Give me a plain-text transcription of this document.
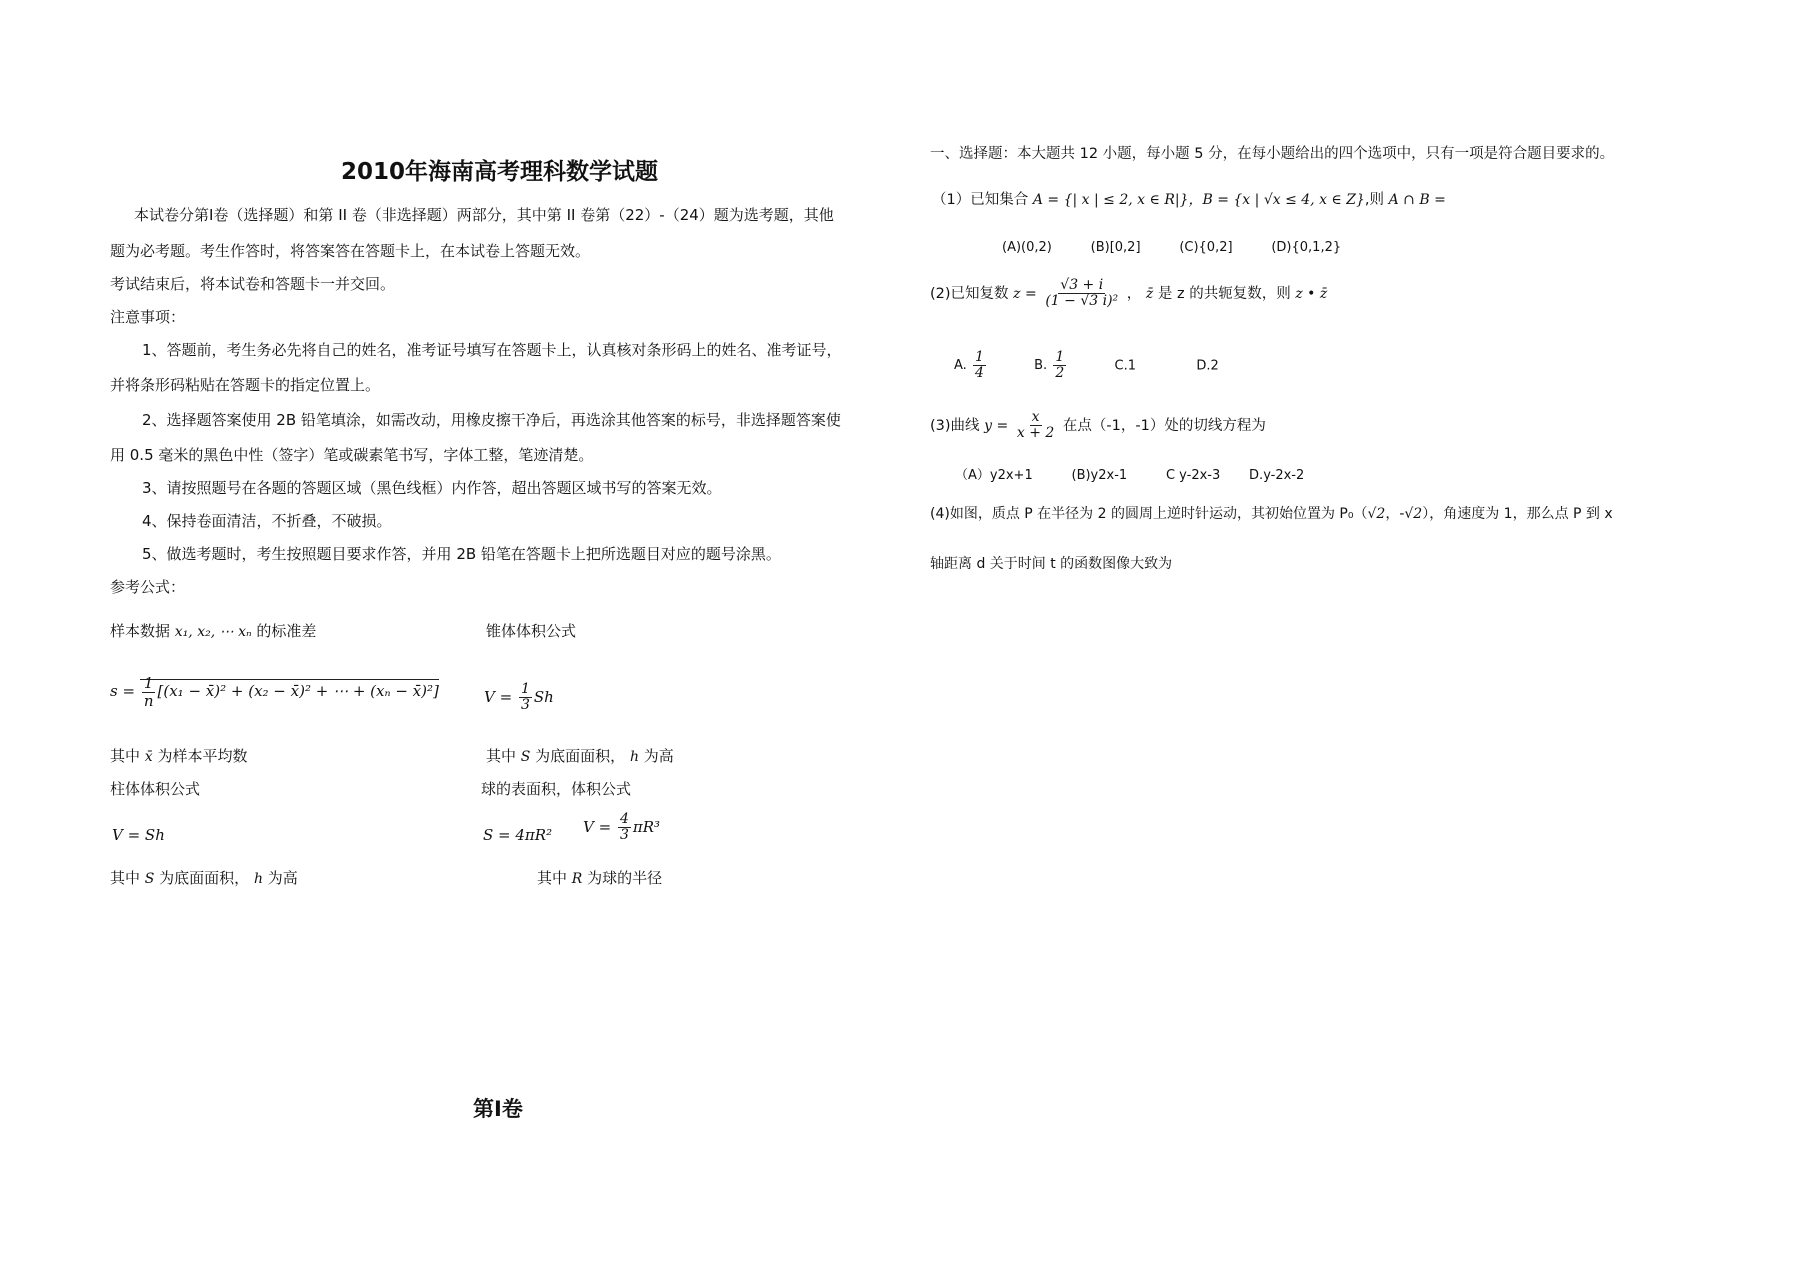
2010年海南高考理科数学试题
本试卷分第Ⅰ卷（选择题）和第 II 卷（非选择题）两部分，其中第 II 卷第（22）-（24）题为选考题，其他
题为必考题。考生作答时，将答案答在答题卡上，在本试卷上答题无效。
考试结束后，将本试卷和答题卡一并交回。
注意事项：
1、答题前，考生务必先将自己的姓名，准考证号填写在答题卡上，认真核对条形码上的姓名、准考证号，
并将条形码粘贴在答题卡的指定位置上。
2、选择题答案使用 2B 铅笔填涂，如需改动，用橡皮擦干净后，再选涂其他答案的标号，非选择题答案使
用 0.5 毫米的黑色中性（签字）笔或碳素笔书写，字体工整，笔迹清楚。
3、请按照题号在各题的答题区域（黑色线框）内作答，超出答题区域书写的答案无效。
4、保持卷面清洁，不折叠，不破损。
5、做选考题时，考生按照题目要求作答，并用 2B 铅笔在答题卡上把所选题目对应的题号涂黑。
参考公式：
样本数据 x₁, x₂, ⋯ xₙ 的标准差	锥体体积公式
$s = \frac{1}{n} [(x_1$ − x̄)² + (x₂ − x̄)² + ⋯ + (xₙ − x̄)²]	$V = \frac{1}{3}$ Sh
其中 x̄ 为样本平均数	其中 S 为底面面积， h 为高
柱体体积公式	球的表面积，体积公式
V = Sh	S = 4πR² $V = \frac{4}{3} \pi R^3$
其中 S 为底面面积， h 为高	其中 R 为球的半径
第Ⅰ卷
一、选择题：本大题共 12 小题，每小题 5 分，在每小题给出的四个选项中，只有一项是符合题目要求的。
（1）已知集合 A = {| x | ≤ 2, x ∈ R|}，B = {x | √x ≤ 4, x ∈ Z},则 A ∩ B =
(A)(0,2)	(B)[0,2]	(C){0,2]	(D){0,1,2}
(2)已知复数 $z = \frac{√3 + i}{\text{(1 − √3 i)²}}$ ， z̄ 是 z 的共轭复数，则 z • z̄
A. $\frac{1}{4}$	B. $\frac{1}{2}$	C.1	D.2
(3)曲线 $y = \frac{x}{x + 2}$ 在点（-1，-1）处的切线方程为
（A）y2x+1	(B)y2x-1	C y-2x-3 D.y-2x-2
(4)如图，质点 P 在半径为 2 的圆周上逆时针运动，其初始位置为 P₀（√2，-√2），角速度为 1，那么点 P 到 x
轴距离 d 关于时间 t 的函数图像大致为
